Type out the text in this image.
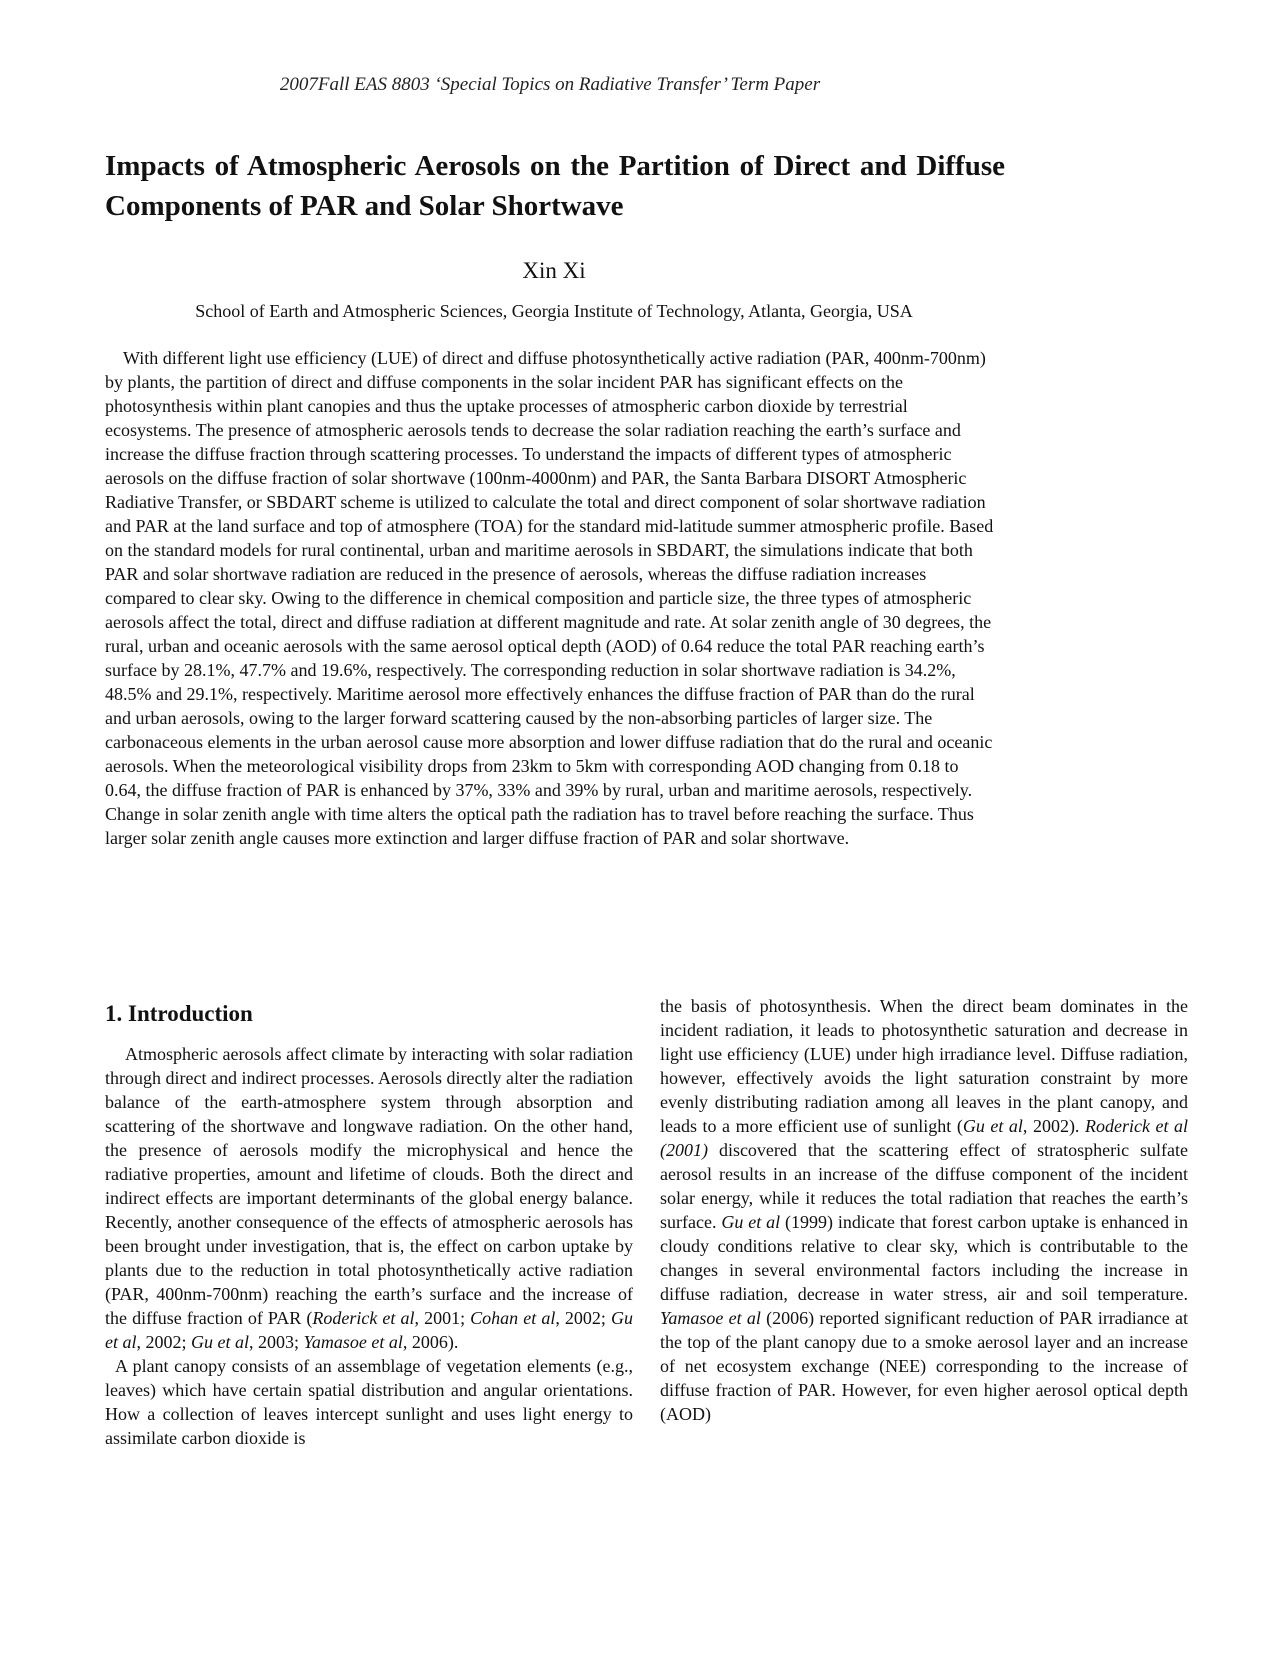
2007Fall EAS 8803 ‘Special Topics on Radiative Transfer’ Term Paper
Impacts of Atmospheric Aerosols on the Partition of Direct and Diffuse Components of PAR and Solar Shortwave
Xin Xi
School of Earth and Atmospheric Sciences, Georgia Institute of Technology, Atlanta, Georgia, USA

With different light use efficiency (LUE) of direct and diffuse photosynthetically active radiation (PAR, 400nm-700nm) by plants, the partition of direct and diffuse components in the solar incident PAR has significant effects on the photosynthesis within plant canopies and thus the uptake processes of atmospheric carbon dioxide by terrestrial ecosystems. The presence of atmospheric aerosols tends to decrease the solar radiation reaching the earth’s surface and increase the diffuse fraction through scattering processes. To understand the impacts of different types of atmospheric aerosols on the diffuse fraction of solar shortwave (100nm-4000nm) and PAR, the Santa Barbara DISORT Atmospheric Radiative Transfer, or SBDART scheme is utilized to calculate the total and direct component of solar shortwave radiation and PAR at the land surface and top of atmosphere (TOA) for the standard mid-latitude summer atmospheric profile. Based on the standard models for rural continental, urban and maritime aerosols in SBDART, the simulations indicate that both PAR and solar shortwave radiation are reduced in the presence of aerosols, whereas the diffuse radiation increases compared to clear sky. Owing to the difference in chemical composition and particle size, the three types of atmospheric aerosols affect the total, direct and diffuse radiation at different magnitude and rate. At solar zenith angle of 30 degrees, the rural, urban and oceanic aerosols with the same aerosol optical depth (AOD) of 0.64 reduce the total PAR reaching earth’s surface by 28.1%, 47.7% and 19.6%, respectively. The corresponding reduction in solar shortwave radiation is 34.2%, 48.5% and 29.1%, respectively. Maritime aerosol more effectively enhances the diffuse fraction of PAR than do the rural and urban aerosols, owing to the larger forward scattering caused by the non-absorbing particles of larger size. The carbonaceous elements in the urban aerosol cause more absorption and lower diffuse radiation that do the rural and oceanic aerosols. When the meteorological visibility drops from 23km to 5km with corresponding AOD changing from 0.18 to 0.64, the diffuse fraction of PAR is enhanced by 37%, 33% and 39% by rural, urban and maritime aerosols, respectively. Change in solar zenith angle with time alters the optical path the radiation has to travel before reaching the surface. Thus larger solar zenith angle causes more extinction and larger diffuse fraction of PAR and solar shortwave.

1. Introduction

Atmospheric aerosols affect climate by interacting with solar radiation through direct and indirect processes. Aerosols directly alter the radiation balance of the earth-atmosphere system through absorption and scattering of the shortwave and longwave radiation. On the other hand, the presence of aerosols modify the microphysical and hence the radiative properties, amount and lifetime of clouds. Both the direct and indirect effects are important determinants of the global energy balance. Recently, another consequence of the effects of atmospheric aerosols has been brought under investigation, that is, the effect on carbon uptake by plants due to the reduction in total photosynthetically active radiation (PAR, 400nm-700nm) reaching the earth’s surface and the increase of the diffuse fraction of PAR (Roderick et al, 2001; Cohan et al, 2002; Gu et al, 2002; Gu et al, 2003; Yamasoe et al, 2006).

A plant canopy consists of an assemblage of vegetation elements (e.g., leaves) which have certain spatial distribution and angular orientations. How a collection of leaves intercept sunlight and uses light energy to assimilate carbon dioxide is

the basis of photosynthesis. When the direct beam dominates in the incident radiation, it leads to photosynthetic saturation and decrease in light use efficiency (LUE) under high irradiance level. Diffuse radiation, however, effectively avoids the light saturation constraint by more evenly distributing radiation among all leaves in the plant canopy, and leads to a more efficient use of sunlight (Gu et al, 2002). Roderick et al (2001) discovered that the scattering effect of stratospheric sulfate aerosol results in an increase of the diffuse component of the incident solar energy, while it reduces the total radiation that reaches the earth’s surface. Gu et al (1999) indicate that forest carbon uptake is enhanced in cloudy conditions relative to clear sky, which is contributable to the changes in several environmental factors including the increase in diffuse radiation, decrease in water stress, air and soil temperature. Yamasoe et al (2006) reported significant reduction of PAR irradiance at the top of the plant canopy due to a smoke aerosol layer and an increase of net ecosystem exchange (NEE) corresponding to the increase of diffuse fraction of PAR. However, for even higher aerosol optical depth (AOD)
